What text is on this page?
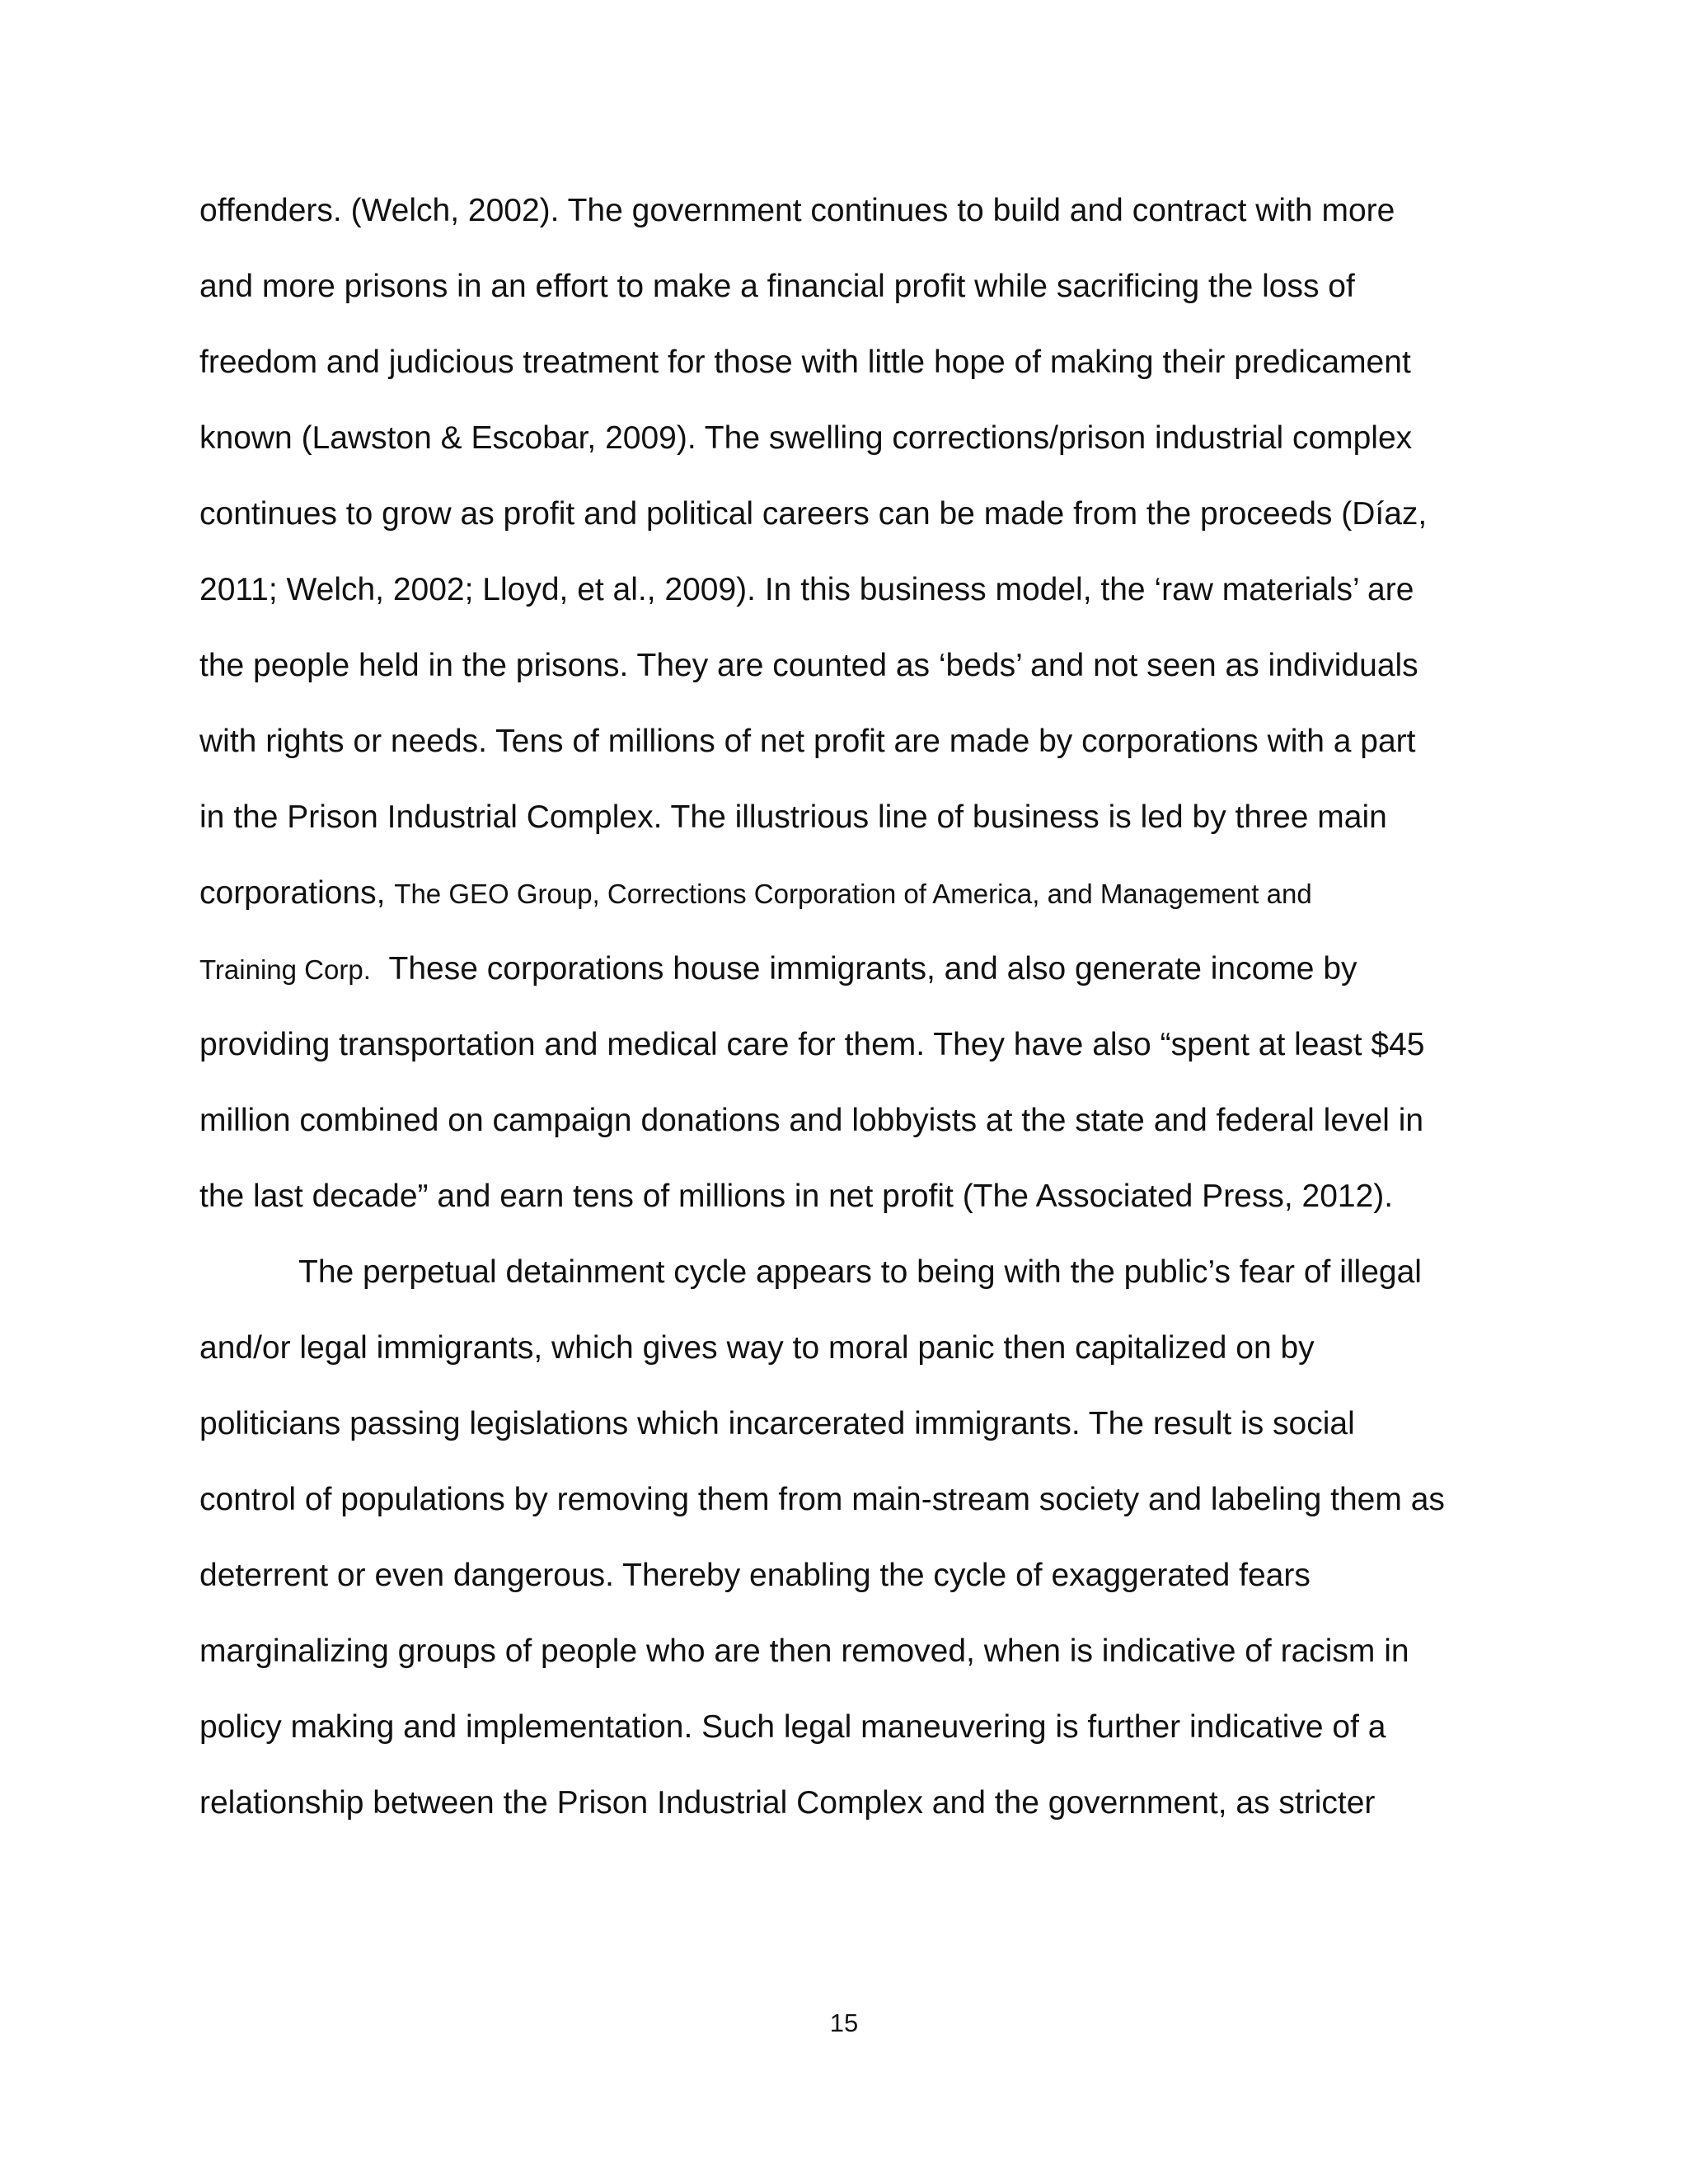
offenders. (Welch, 2002). The government continues to build and contract with more
and more prisons in an effort to make a financial profit while sacrificing the loss of
freedom and judicious treatment for those with little hope of making their predicament
known (Lawston & Escobar, 2009). The swelling corrections/prison industrial complex
continues to grow as profit and political careers can be made from the proceeds (Díaz,
2011; Welch, 2002; Lloyd, et al., 2009). In this business model, the ‘raw materials’ are
the people held in the prisons. They are counted as ‘beds’ and not seen as individuals
with rights or needs. Tens of millions of net profit are made by corporations with a part
in the Prison Industrial Complex. The illustrious line of business is led by three main
corporations, The GEO Group, Corrections Corporation of America, and Management and
Training Corp. These corporations house immigrants, and also generate income by
providing transportation and medical care for them. They have also “spent at least $45
million combined on campaign donations and lobbyists at the state and federal level in
the last decade” and earn tens of millions in net profit (The Associated Press, 2012).
The perpetual detainment cycle appears to being with the public’s fear of illegal
and/or legal immigrants, which gives way to moral panic then capitalized on by
politicians passing legislations which incarcerated immigrants. The result is social
control of populations by removing them from main-stream society and labeling them as
deterrent or even dangerous. Thereby enabling the cycle of exaggerated fears
marginalizing groups of people who are then removed, when is indicative of racism in
policy making and implementation. Such legal maneuvering is further indicative of a
relationship between the Prison Industrial Complex and the government, as stricter
15
